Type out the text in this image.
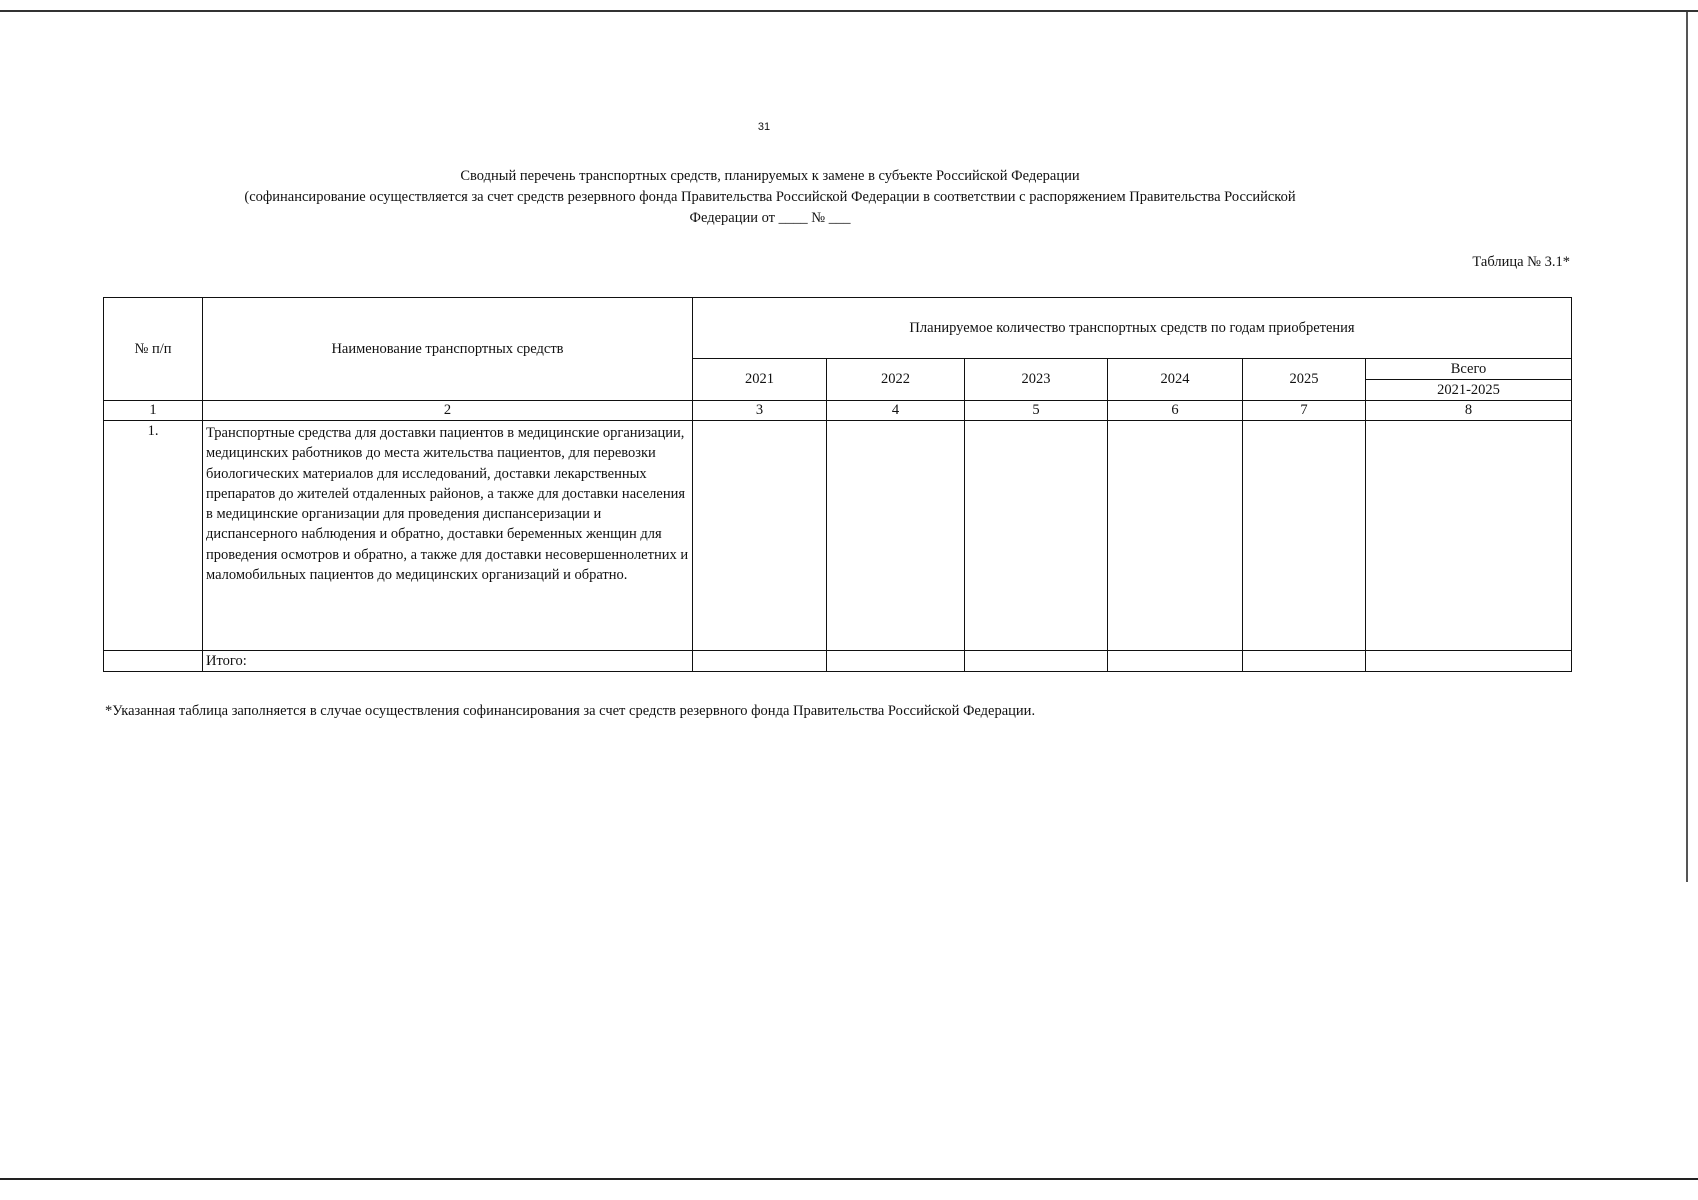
31
Сводный перечень транспортных средств, планируемых к замене в субъекте Российской Федерации
(софинансирование осуществляется за счет средств резервного фонда Правительства Российской Федерации в соответствии с распоряжением Правительства Российской
Федерации от ____ № ___
Таблица № 3.1*
№ п/п	Наименование транспортных средств	Планируемое количество транспортных средств по годам приобретения					
		2021	2022	2023	2024	2025	Всего
							2021-2025
1	2	3	4	5	6	7	8
1.	Транспортные средства для доставки пациентов в медицинские организации, медицинских работников до места жительства пациентов, для перевозки биологических материалов для исследований, доставки лекарственных препаратов до жителей отдаленных районов, а также для доставки населения в медицинские организации для проведения диспансеризации и диспансерного наблюдения и обратно, доставки беременных женщин для проведения осмотров и обратно, а также для доставки несовершеннолетних и маломобильных пациентов до медицинских организаций и обратно.						
	Итого:						
*Указанная таблица заполняется в случае осуществления софинансирования за счет средств резервного фонда Правительства Российской Федерации.
